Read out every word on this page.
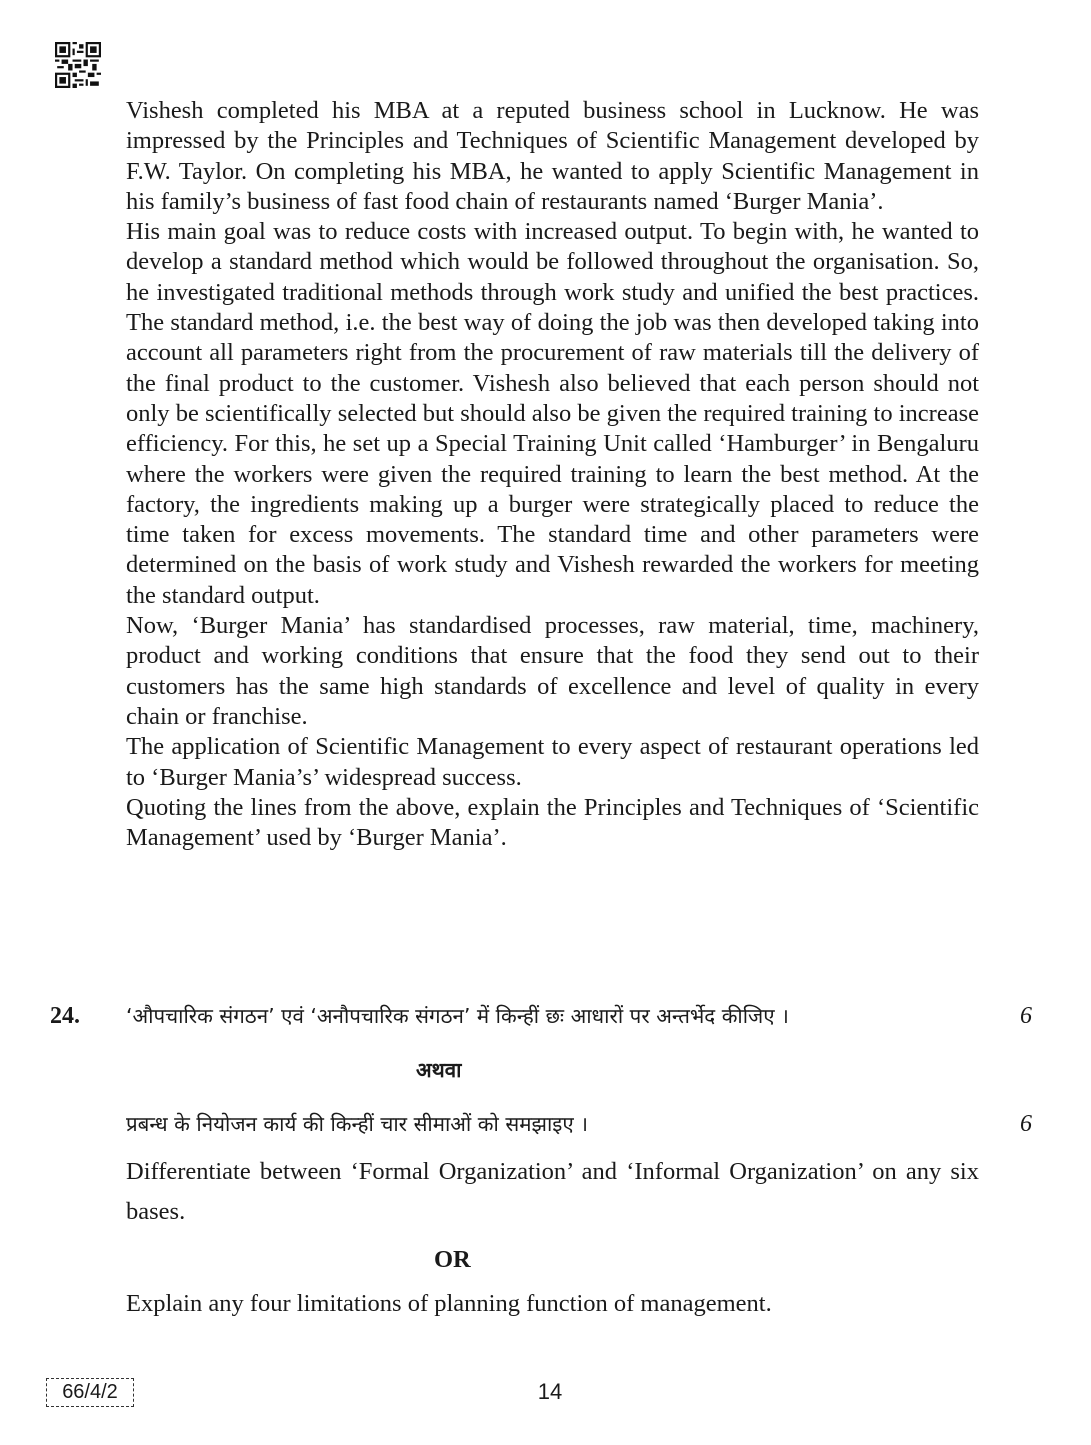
Vishesh completed his MBA at a reputed business school in Lucknow. He was impressed by the Principles and Techniques of Scientific Management developed by F.W. Taylor. On completing his MBA, he wanted to apply Scientific Management in his family’s business of fast food chain of restaurants named ‘Burger Mania’.

His main goal was to reduce costs with increased output. To begin with, he wanted to develop a standard method which would be followed throughout the organisation. So, he investigated traditional methods through work study and unified the best practices. The standard method, i.e. the best way of doing the job was then developed taking into account all parameters right from the procurement of raw materials till the delivery of the final product to the customer. Vishesh also believed that each person should not only be scientifically selected but should also be given the required training to increase efficiency. For this, he set up a Special Training Unit called ‘Hamburger’ in Bengaluru where the workers were given the required training to learn the best method. At the factory, the ingredients making up a burger were strategically placed to reduce the time taken for excess movements. The standard time and other parameters were determined on the basis of work study and Vishesh rewarded the workers for meeting the standard output.

Now, ‘Burger Mania’ has standardised processes, raw material, time, machinery, product and working conditions that ensure that the food they send out to their customers has the same high standards of excellence and level of quality in every chain or franchise.

The application of Scientific Management to every aspect of restaurant operations led to ‘Burger Mania’s’ widespread success.

Quoting the lines from the above, explain the Principles and Techniques of ‘Scientific Management’ used by ‘Burger Mania’.

24. ‘औपचारिक संगठन’ एवं ‘अनौपचारिक संगठन’ में किन्हीं छः आधारों पर अन्तर्भेद कीजिए ।	6
अथवा
प्रबन्ध के नियोजन कार्य की किन्हीं चार सीमाओं को समझाइए ।	6
Differentiate between ‘Formal Organization’ and ‘Informal Organization’ on any six bases.
OR
Explain any four limitations of planning function of management.
66/4/2	14
